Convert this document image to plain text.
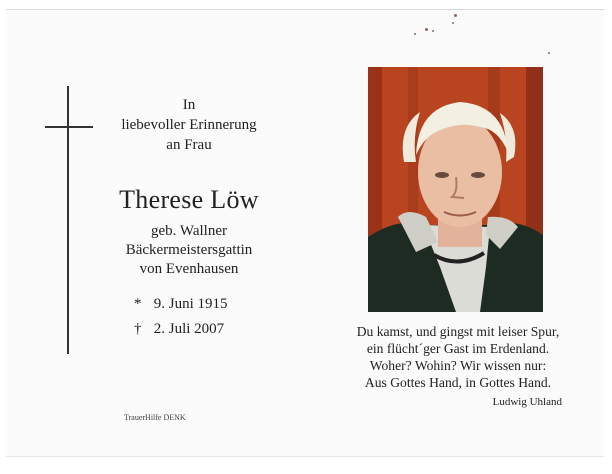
In
liebevoller Erinnerung
an Frau
Therese Löw
geb. Wallner
Bäckermeistersgattin
von Evenhausen
* 9. Juni 1915
† 2. Juli 2007
TrauerHilfe DENK
Du kamst, und gingst mit leiser Spur,
ein flücht´ger Gast im Erdenland.
Woher? Wohin? Wir wissen nur:
Aus Gottes Hand, in Gottes Hand.
Ludwig Uhland
